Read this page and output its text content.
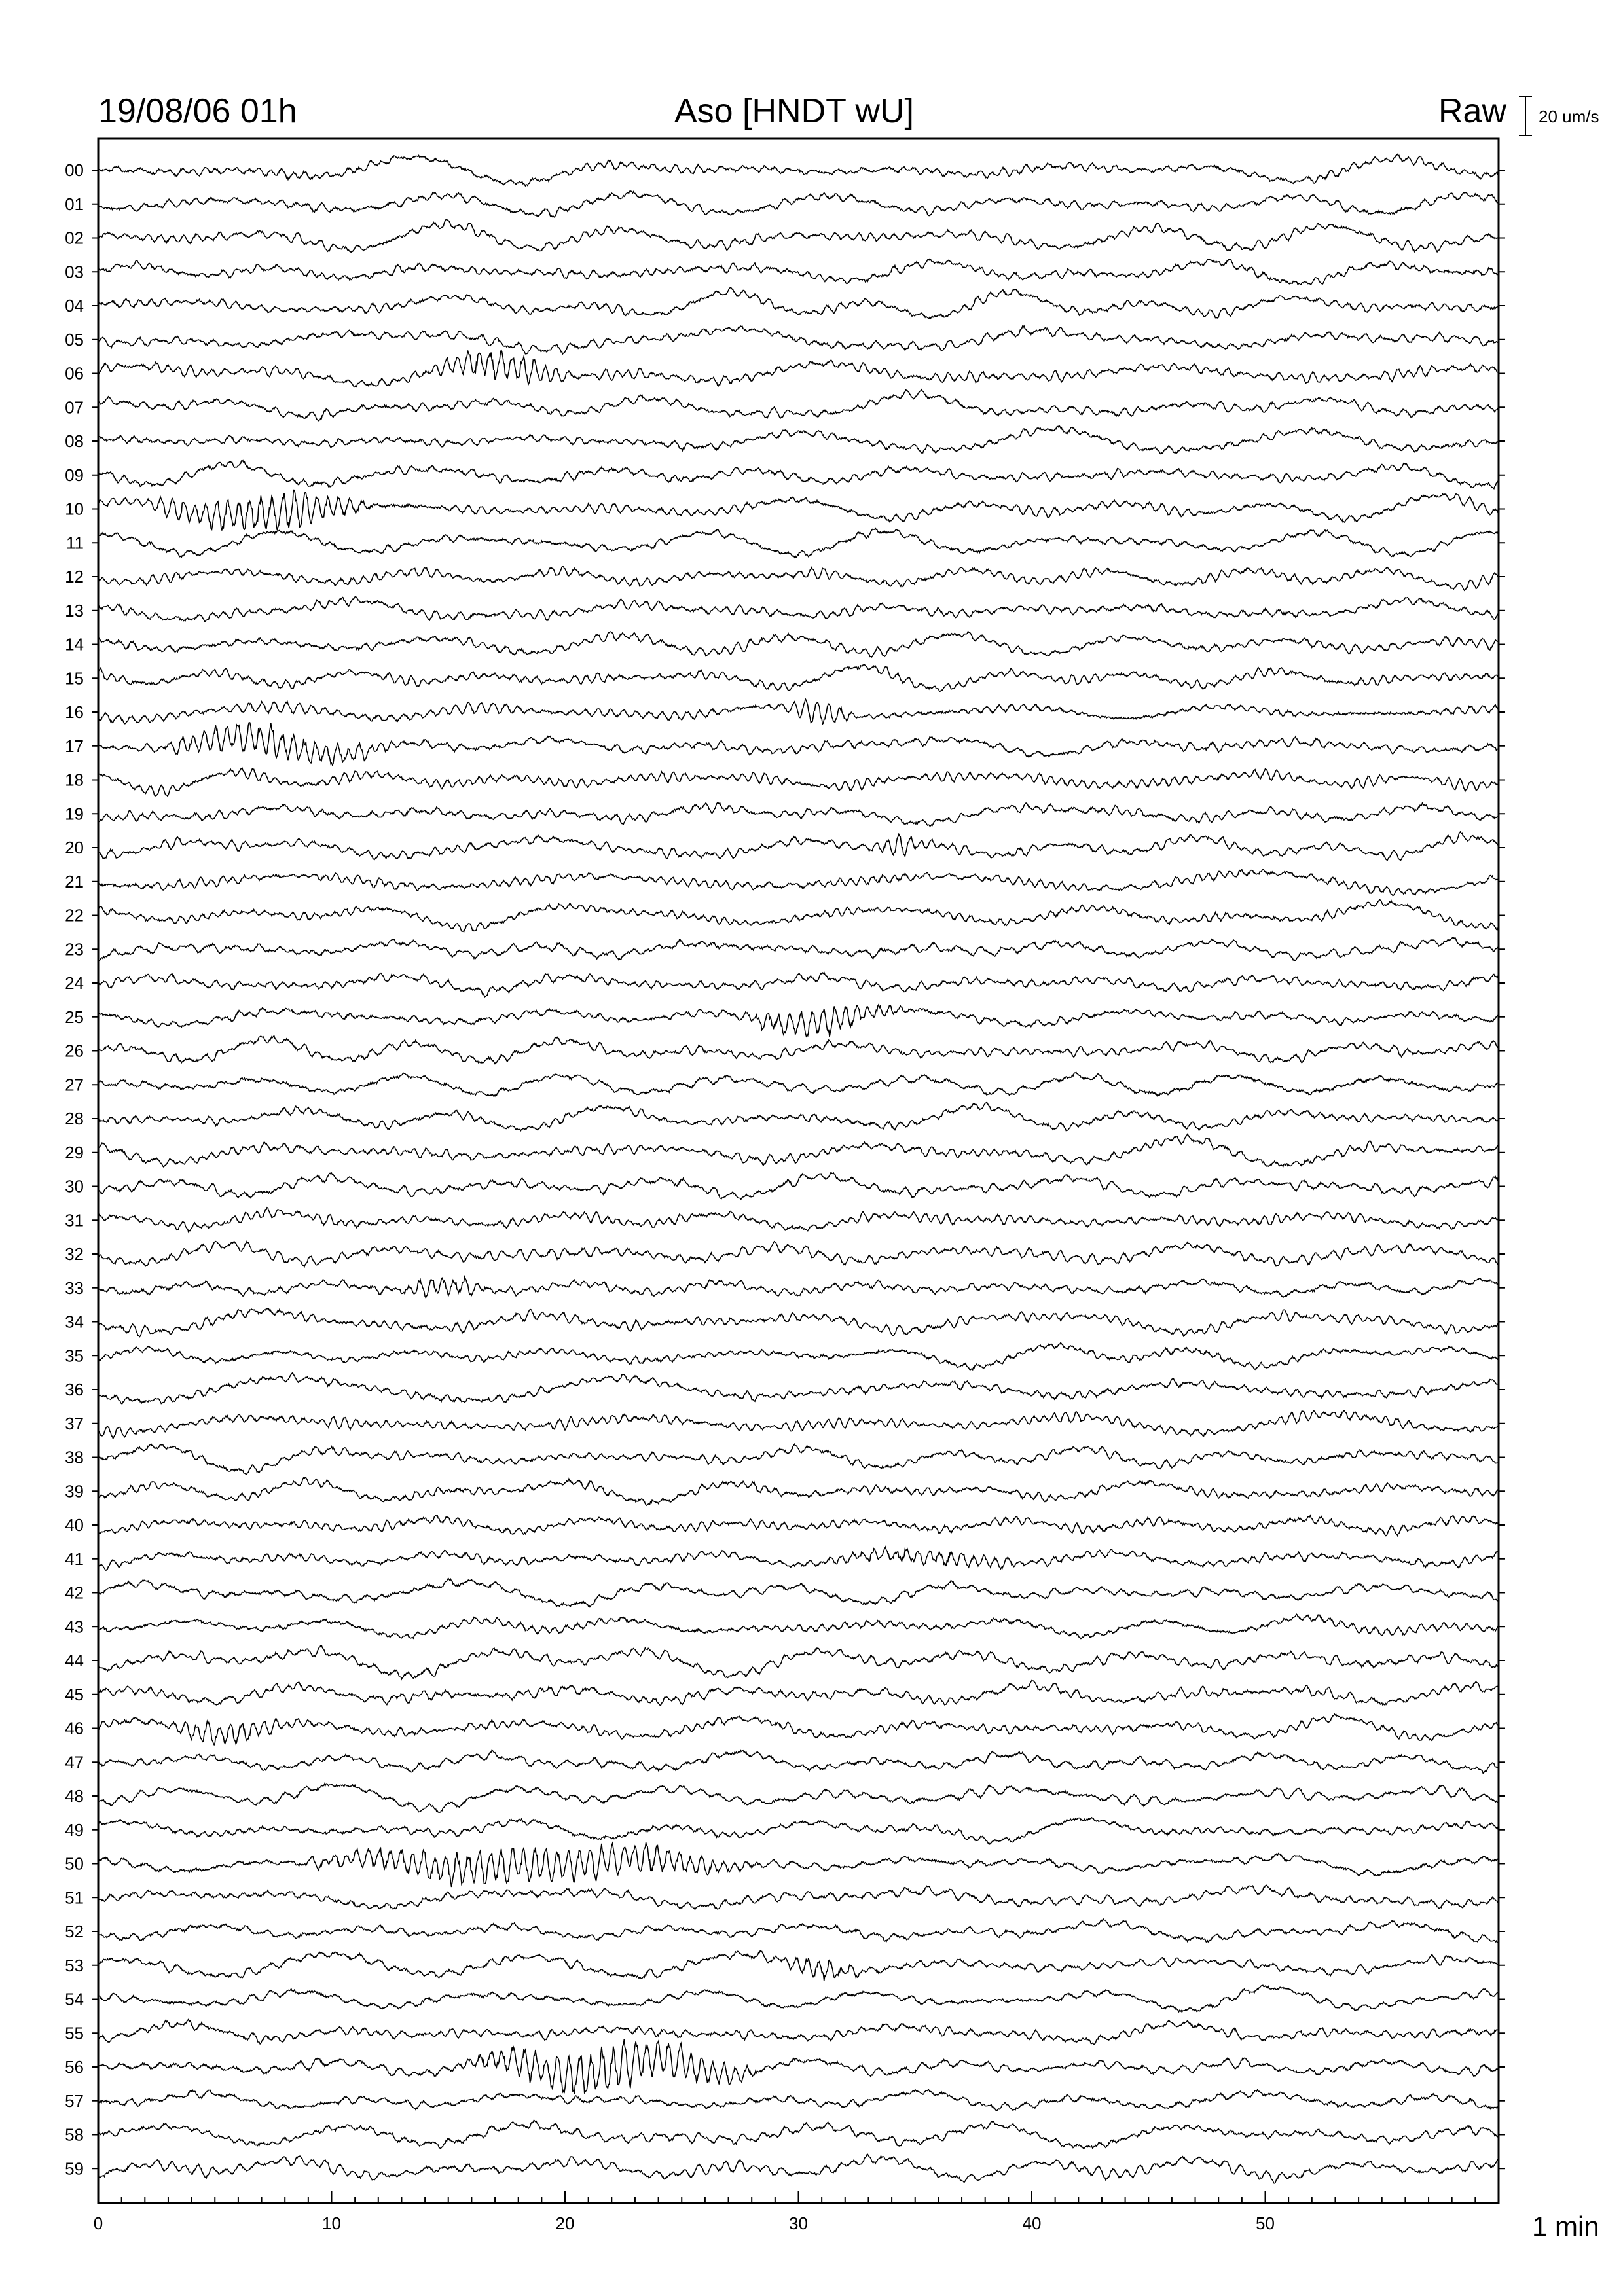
19/08/06 01h	Aso [HNDT wU]	Raw 20 um/s
1 min
00
01
02
03
04
05
06
07
08
09
10
11
12
13
14
15
16
17
18
19
20
21
22
23
24
25
26
27
28
29
30
31
32
33
34
35
36
37
38
39
40
41
42
43
44
45
46
47
48
49
50
51
52
53
54
55
56
57
58
59
0	10	20	30	40	50
